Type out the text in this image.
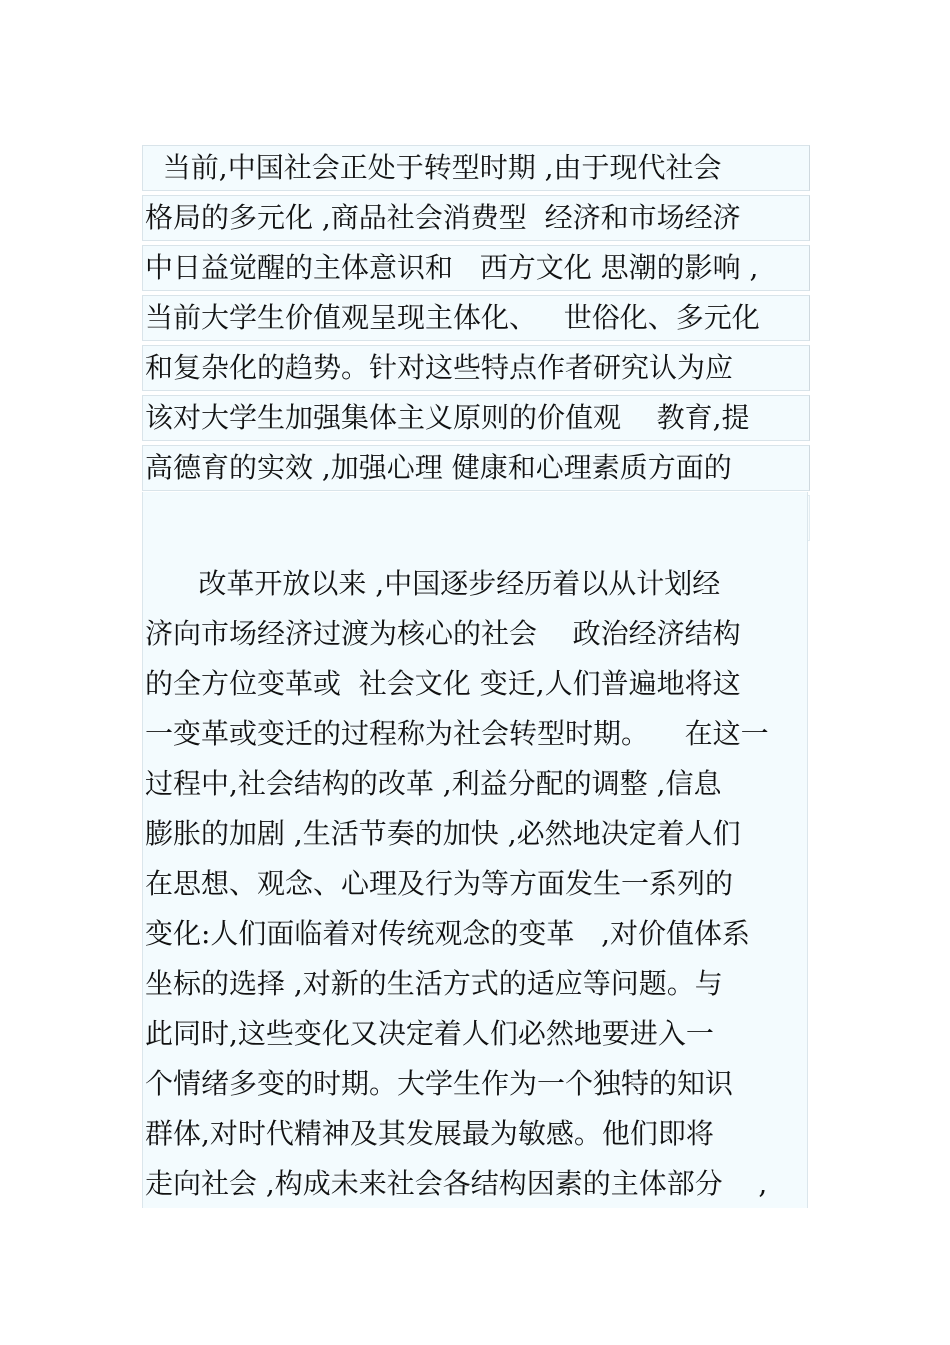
当前,中国社会正处于转型时期 ,由于现代社会
格局的多元化 ,商品社会消费型  经济和市场经济
中日益觉醒的主体意识和   西方文化 思潮的影响 ,
当前大学生价值观呈现主体化、   世俗化、多元化
和复杂化的趋势。针对这些特点作者研究认为应
该对大学生加强集体主义原则的价值观    教育,提
高德育的实效 ,加强心理 健康和心理素质方面的
改革开放以来 ,中国逐步经历着以从计划经
济向市场经济过渡为核心的社会    政治经济结构
的全方位变革或  社会文化 变迁,人们普遍地将这
一变革或变迁的过程称为社会转型时期。    在这一
过程中,社会结构的改革 ,利益分配的调整 ,信息
膨胀的加剧 ,生活节奏的加快 ,必然地决定着人们
在思想、观念、心理及行为等方面发生一系列的
变化:人们面临着对传统观念的变革   ,对价值体系
坐标的选择 ,对新的生活方式的适应等问题。与
此同时,这些变化又决定着人们必然地要进入一
个情绪多变的时期。大学生作为一个独特的知识
群体,对时代精神及其发展最为敏感。他们即将
走向社会 ,构成未来社会各结构因素的主体部分    ,
